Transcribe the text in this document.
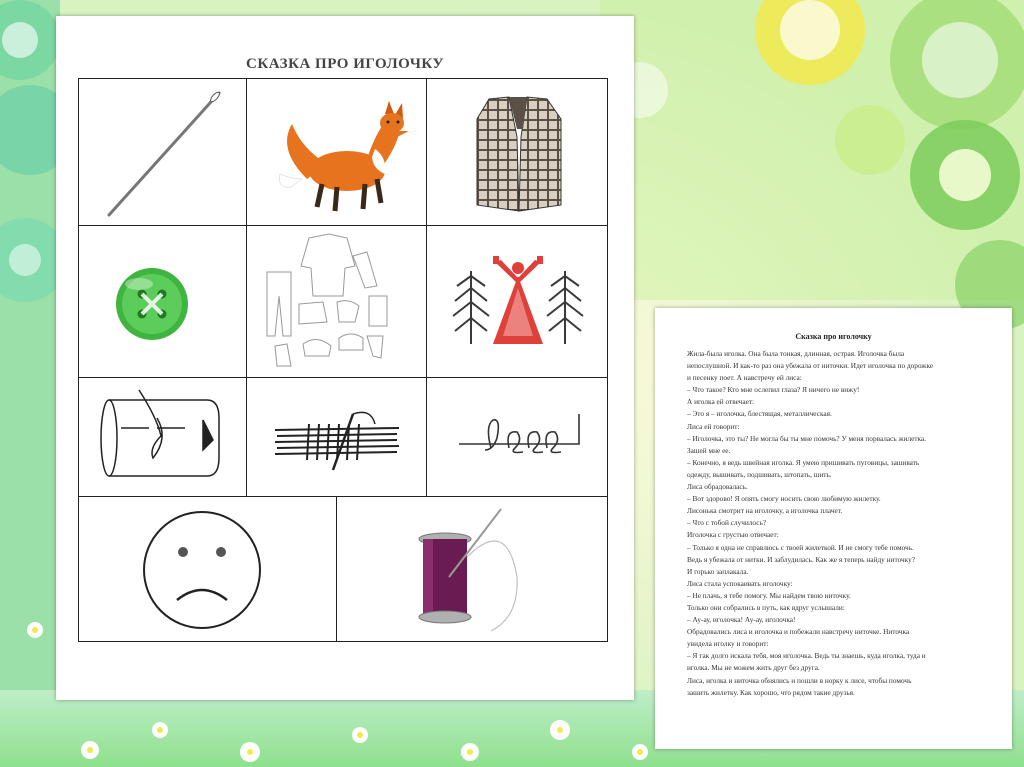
СКАЗКА ПРО ИГОЛОЧКУ
Сказка про иголочку

Жила-была иголка. Она была тонкая, длинная, острая. Иголочка была

непослушной. И как-то раз она убежала от ниточки. Идет иголочка по дорожке

и песенку поет. А навстречу ей лиса:

– Что такое? Кто мне ослепил глаза? Я ничего не вижу!

А иголка ей отвечает:

– Это я – иголочка, блестящая, металлическая.

Лиса ей говорит:

– Иголочка, это ты? Не могла бы ты мне помочь? У меня порвалась жилетка.

Зашей мне ее.

– Конечно, я ведь швейная иголка. Я умею пришивать пуговицы, зашивать

одежду, вышивать, подшивать, штопать, шить.

Лиса обрадовалась.

– Вот здорово! Я опять смогу носить свою любимую жилетку.

Лисонька смотрит на иголочку, а иголочка плачет.

– Что с тобой случилось?

Иголочка с грустью отвечает:

– Только я одна не справлюсь с твоей жилеткой. И не смогу тебе помочь.

Ведь я убежала от нитки. И заблудилась. Как же я теперь найду ниточку?

И горько заплакала.

Лиса стала успокаивать иголочку:

– Не плачь, я тебе помогу. Мы найдем твою ниточку.

Только они собрались в путь, как вдруг услышали:

– Ау-ау, иголочка! Ау-ау, иголочка!

Обрадовались лиса и иголочка и побежали навстречу ниточке. Ниточка

увидела иголку и говорит:

– Я так долго искала тебя, моя иголочка. Ведь ты знаешь, куда иголка, туда и

иголка. Мы не можем жить друг без друга.

Лиса, иголка и ниточка обнялись и пошли в норку к лисе, чтобы помочь

зашить жилетку. Как хорошо, что рядом такие друзья.
